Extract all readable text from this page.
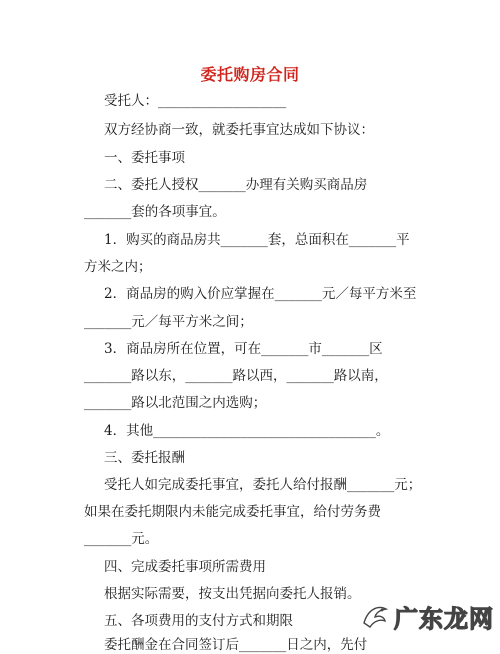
委托购房合同
受托人：___________________
双方经协商一致，就委托事宜达成如下协议：
一、委托事项
二、委托人授权_______办理有关购买商品房
_______套的各项事宜。
1．购买的商品房共_______套，总面积在_______平
方米之内；
2．商品房的购入价应掌握在_______元／每平方米至
_______元／每平方米之间；
3．商品房所在位置，可在_______市_______区
_______路以东，_______路以西，_______路以南，
_______路以北范围之内选购；
4．其他_________________________________。
三、委托报酬
受托人如完成委托事宜，委托人给付报酬_______元；
如果在委托期限内未能完成委托事宜，给付劳务费
_______元。
四、完成委托事项所需费用
根据实际需要，按支出凭据向委托人报销。
五、各项费用的支付方式和期限
委托酬金在合同签订后_______日之内，先付
广东龙网
